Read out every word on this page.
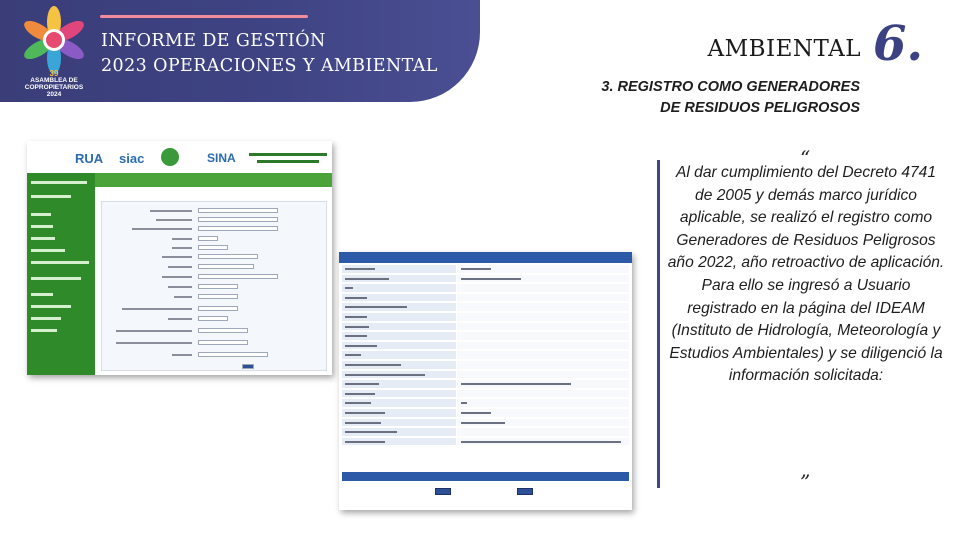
INFORME DE GESTIÓN
2023 OPERACIONES Y AMBIENTAL
39
ASAMBLEA DE
COPROPIETARIOS
2024
AMBIENTAL 6.
3. REGISTRO COMO GENERADORES
DE RESIDUOS PELIGROSOS
RUA siac	SINA	“
Al dar cumplimiento del Decreto 4741 de 2005 y demás marco jurídico aplicable, se realizó el registro como Generadores de Residuos Peligrosos año 2022, año retroactivo de aplicación. Para ello se ingresó a Usuario registrado en la página del IDEAM (Instituto de Hidrología, Meteorología y Estudios Ambientales) y se diligenció la información solicitada:
”
